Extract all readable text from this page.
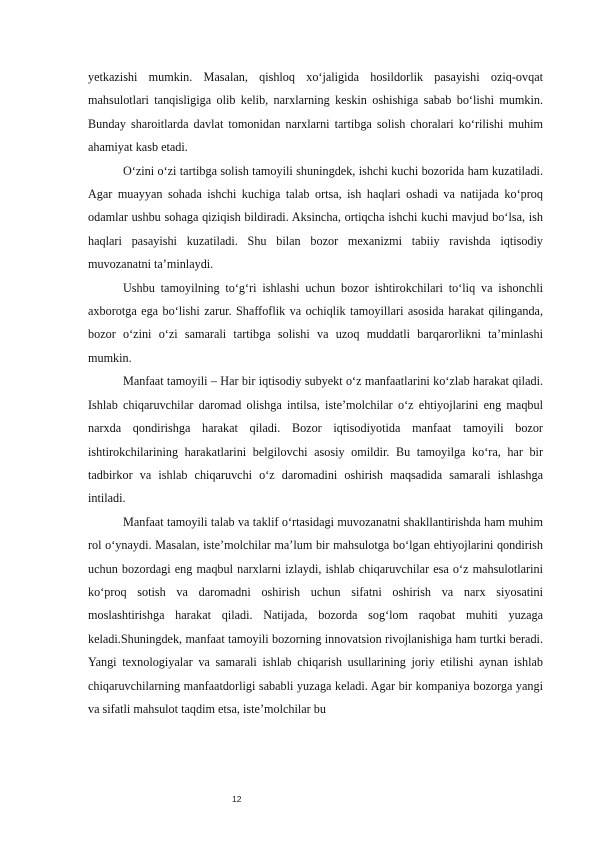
yetkazishi mumkin. Masalan, qishloq xo‘jaligida hosildorlik pasayishi oziq-ovqat mahsulotlari tanqisligiga olib kelib, narxlarning keskin oshishiga sabab bo‘lishi mumkin. Bunday sharoitlarda davlat tomonidan narxlarni tartibga solish choralari ko‘rilishi muhim ahamiyat kasb etadi.

O‘zini o‘zi tartibga solish tamoyili shuningdek, ishchi kuchi bozorida ham kuzatiladi. Agar muayyan sohada ishchi kuchiga talab ortsa, ish haqlari oshadi va natijada ko‘proq odamlar ushbu sohaga qiziqish bildiradi. Aksincha, ortiqcha ishchi kuchi mavjud bo‘lsa, ish haqlari pasayishi kuzatiladi. Shu bilan bozor mexanizmi tabiiy ravishda iqtisodiy muvozanatni ta’minlaydi.

Ushbu tamoyilning to‘g‘ri ishlashi uchun bozor ishtirokchilari to‘liq va ishonchli axborotga ega bo‘lishi zarur. Shaffoflik va ochiqlik tamoyillari asosida harakat qilinganda, bozor o‘zini o‘zi samarali tartibga solishi va uzoq muddatli barqarorlikni ta’minlashi mumkin.

Manfaat tamoyili – Har bir iqtisodiy subyekt o‘z manfaatlarini ko‘zlab harakat qiladi. Ishlab chiqaruvchilar daromad olishga intilsa, iste’molchilar o‘z ehtiyojlarini eng maqbul narxda qondirishga harakat qiladi. Bozor iqtisodiyotida manfaat tamoyili bozor ishtirokchilarining harakatlarini belgilovchi asosiy omildir. Bu tamoyilga ko‘ra, har bir tadbirkor va ishlab chiqaruvchi o‘z daromadini oshirish maqsadida samarali ishlashga intiladi.

Manfaat tamoyili talab va taklif o‘rtasidagi muvozanatni shakllantirishda ham muhim rol o‘ynaydi. Masalan, iste’molchilar ma’lum bir mahsulotga bo‘lgan ehtiyojlarini qondirish uchun bozordagi eng maqbul narxlarni izlaydi, ishlab chiqaruvchilar esa o‘z mahsulotlarini ko‘proq sotish va daromadni oshirish uchun sifatni oshirish va narx siyosatini moslashtirishga harakat qiladi. Natijada, bozorda sog‘lom raqobat muhiti yuzaga keladi.Shuningdek, manfaat tamoyili bozorning innovatsion rivojlanishiga ham turtki beradi. Yangi texnologiyalar va samarali ishlab chiqarish usullarining joriy etilishi aynan ishlab chiqaruvchilarning manfaatdorligi sababli yuzaga keladi. Agar bir kompaniya bozorga yangi va sifatli mahsulot taqdim etsa, iste’molchilar bu

12
